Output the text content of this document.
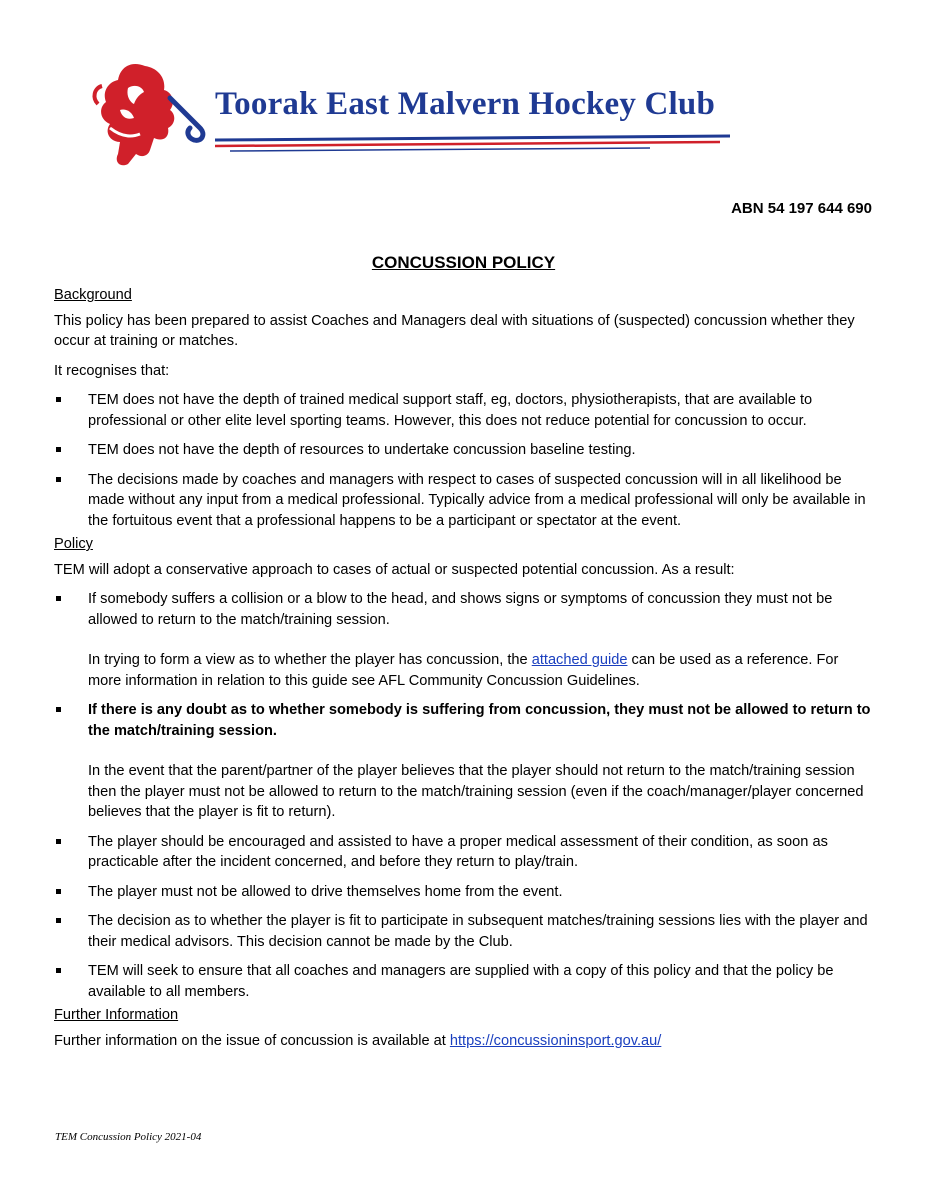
Toorak East Malvern Hockey Club
ABN 54 197 644 690
CONCUSSION POLICY

Background

This policy has been prepared to assist Coaches and Managers deal with situations of (suspected) concussion whether they occur at training or matches.

It recognises that:

TEM does not have the depth of trained medical support staff, eg, doctors, physiotherapists, that are available to professional or other elite level sporting teams. However, this does not reduce potential for concussion to occur.
TEM does not have the depth of resources to undertake concussion baseline testing.
The decisions made by coaches and managers with respect to cases of suspected concussion will in all likelihood be made without any input from a medical professional. Typically advice from a medical professional will only be available in the fortuitous event that a professional happens to be a participant or spectator at the event.

Policy

TEM will adopt a conservative approach to cases of actual or suspected potential concussion. As a result:

If somebody suffers a collision or a blow to the head, and shows signs or symptoms of concussion they must not be allowed to return to the match/training session.
In trying to form a view as to whether the player has concussion, the attached guide can be used as a reference. For more information in relation to this guide see AFL Community Concussion Guidelines.
If there is any doubt as to whether somebody is suffering from concussion, they must not be allowed to return to the match/training session.
In the event that the parent/partner of the player believes that the player should not return to the match/training session then the player must not be allowed to return to the match/training session (even if the coach/manager/player concerned believes that the player is fit to return).
The player should be encouraged and assisted to have a proper medical assessment of their condition, as soon as practicable after the incident concerned, and before they return to play/train.
The player must not be allowed to drive themselves home from the event.
The decision as to whether the player is fit to participate in subsequent matches/training sessions lies with the player and their medical advisors. This decision cannot be made by the Club.
TEM will seek to ensure that all coaches and managers are supplied with a copy of this policy and that the policy be available to all members.

Further Information

Further information on the issue of concussion is available at https://concussioninsport.gov.au/

TEM Concussion Policy 2021-04
